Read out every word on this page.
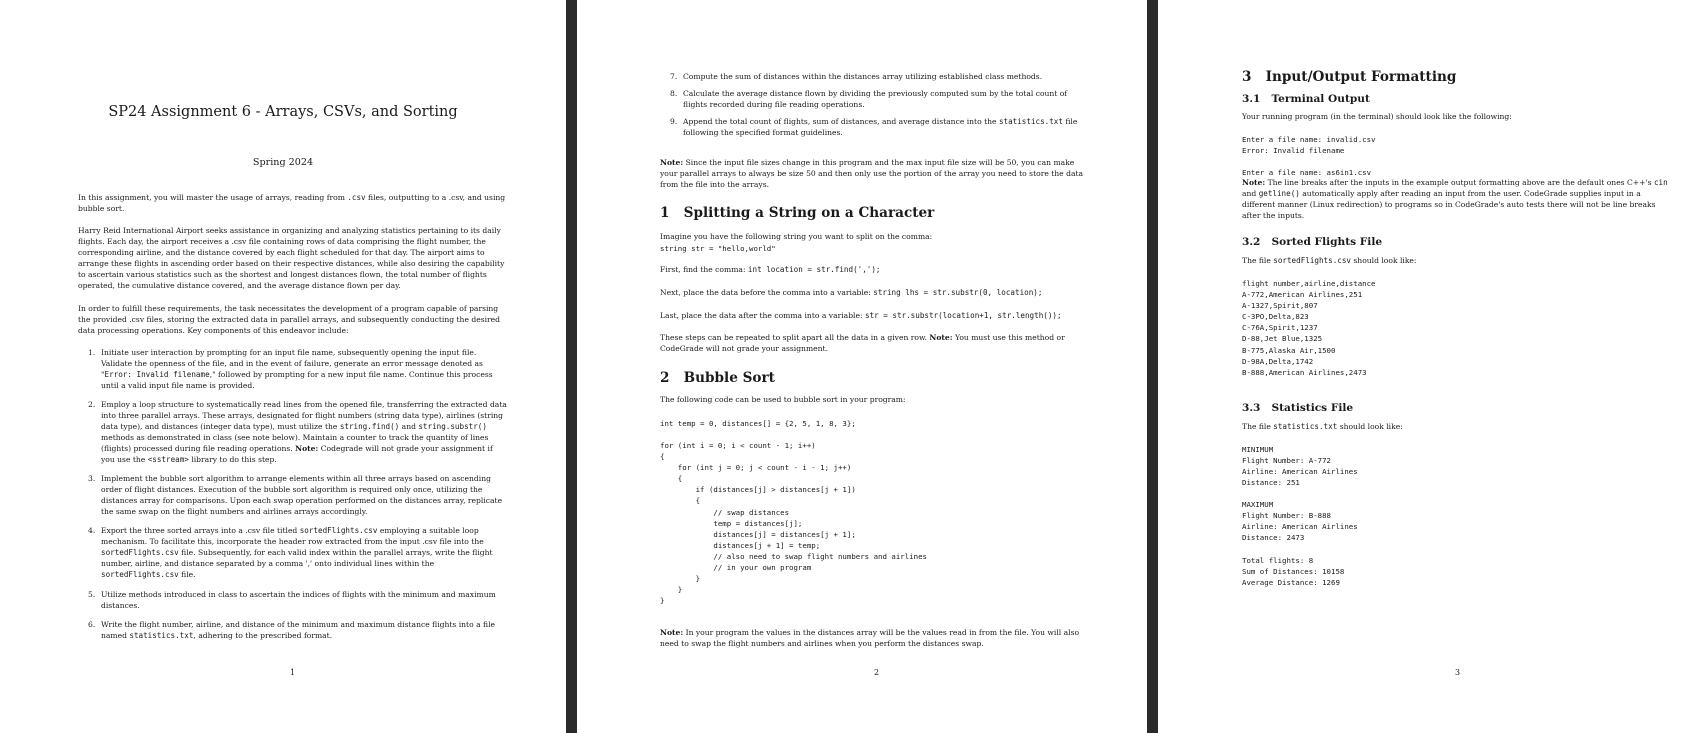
SP24 Assignment 6 - Arrays, CSVs, and Sorting
Spring 2024

In this assignment, you will master the usage of arrays, reading from .csv files, outputting to a .csv, and using bubble sort.

Harry Reid International Airport seeks assistance in organizing and analyzing statistics pertaining to its daily flights. Each day, the airport receives a .csv file containing rows of data comprising the flight number, the corresponding airline, and the distance covered by each flight scheduled for that day. The airport aims to arrange these flights in ascending order based on their respective distances, while also desiring the capability to ascertain various statistics such as the shortest and longest distances flown, the total number of flights operated, the cumulative distance covered, and the average distance flown per day.

In order to fulfill these requirements, the task necessitates the development of a program capable of parsing the provided .csv files, storing the extracted data in parallel arrays, and subsequently conducting the desired data processing operations. Key components of this endeavor include:

1. Initiate user interaction by prompting for an input file name, subsequently opening the input file. Validate the openness of the file, and in the event of failure, generate an error message denoted as "Error: Invalid filename," followed by prompting for a new input file name. Continue this process until a valid input file name is provided.
2. Employ a loop structure to systematically read lines from the opened file, transferring the extracted data into three parallel arrays. These arrays, designated for flight numbers (string data type), airlines (string data type), and distances (integer data type), must utilize the string.find() and string.substr() methods as demonstrated in class (see note below). Maintain a counter to track the quantity of lines (flights) processed during file reading operations. Note: Codegrade will not grade your assignment if you use the <sstream> library to do this step.
3. Implement the bubble sort algorithm to arrange elements within all three arrays based on ascending order of flight distances. Execution of the bubble sort algorithm is required only once, utilizing the distances array for comparisons. Upon each swap operation performed on the distances array, replicate the same swap on the flight numbers and airlines arrays accordingly.
4. Export the three sorted arrays into a .csv file titled sortedFlights.csv employing a suitable loop mechanism. To facilitate this, incorporate the header row extracted from the input .csv file into the sortedFlights.csv file. Subsequently, for each valid index within the parallel arrays, write the flight number, airline, and distance separated by a comma ',' onto individual lines within the sortedFlights.csv file.
5. Utilize methods introduced in class to ascertain the indices of flights with the minimum and maximum distances.
6. Write the flight number, airline, and distance of the minimum and maximum distance flights into a file named statistics.txt, adhering to the prescribed format.
1
7. Compute the sum of distances within the distances array utilizing established class methods.
8. Calculate the average distance flown by dividing the previously computed sum by the total count of flights recorded during file reading operations.
9. Append the total count of flights, sum of distances, and average distance into the statistics.txt file following the specified format guidelines.

Note: Since the input file sizes change in this program and the max input file size will be 50, you can make your parallel arrays to always be size 50 and then only use the portion of the array you need to store the data from the file into the arrays.

1 Splitting a String on a Character

Imagine you have the following string you want to split on the comma:

string str = "hello,world"

First, find the comma: int location = str.find(',');

Next, place the data before the comma into a variable: string lhs = str.substr(0, location);

Last, place the data after the comma into a variable: str = str.substr(location+1, str.length());

These steps can be repeated to split apart all the data in a given row. Note: You must use this method or CodeGrade will not grade your assignment.

2 Bubble Sort

The following code can be used to bubble sort in your program:

int temp = 0, distances[] = {2, 5, 1, 8, 3};
for (int i = 0; i < count - 1; i++)
{
for (int j = 0; j < count - i - 1; j++)
{
if (distances[j] > distances[j + 1])
{
// swap distances
temp = distances[j];
distances[j] = distances[j + 1];
distances[j + 1] = temp;
// also need to swap flight numbers and airlines
// in your own program
}
}
}

Note: In your program the values in the distances array will be the values read in from the file. You will also need to swap the flight numbers and airlines when you perform the distances swap.

2
3 Input/Output Formatting
3.1 Terminal Output

Your running program (in the terminal) should look like the following:

Enter a file name: invalid.csv
Error: Invalid filename
Enter a file name: as6in1.csv

Note: The line breaks after the inputs in the example output formatting above are the default ones C++'s cin and getline() automatically apply after reading an input from the user. CodeGrade supplies input in a different manner (Linux redirection) to programs so in CodeGrade's auto tests there will not be line breaks after the inputs.

3.2 Sorted Flights File

The file sortedFlights.csv should look like:

flight number,airline,distance
A-772,American Airlines,251
A-1327,Spirit,807
C-3PO,Delta,823
C-76A,Spirit,1237
D-88,Jet Blue,1325
B-775,Alaska Air,1500
D-98A,Delta,1742
B-888,American Airlines,2473
3.3 Statistics File

The file statistics.txt should look like:

MINIMUM
Flight Number: A-772
Airline: American Airlines
Distance: 251
MAXIMUM
Flight Number: B-888
Airline: American Airlines
Distance: 2473
Total flights: 8
Sum of Distances: 10158
Average Distance: 1269
3
